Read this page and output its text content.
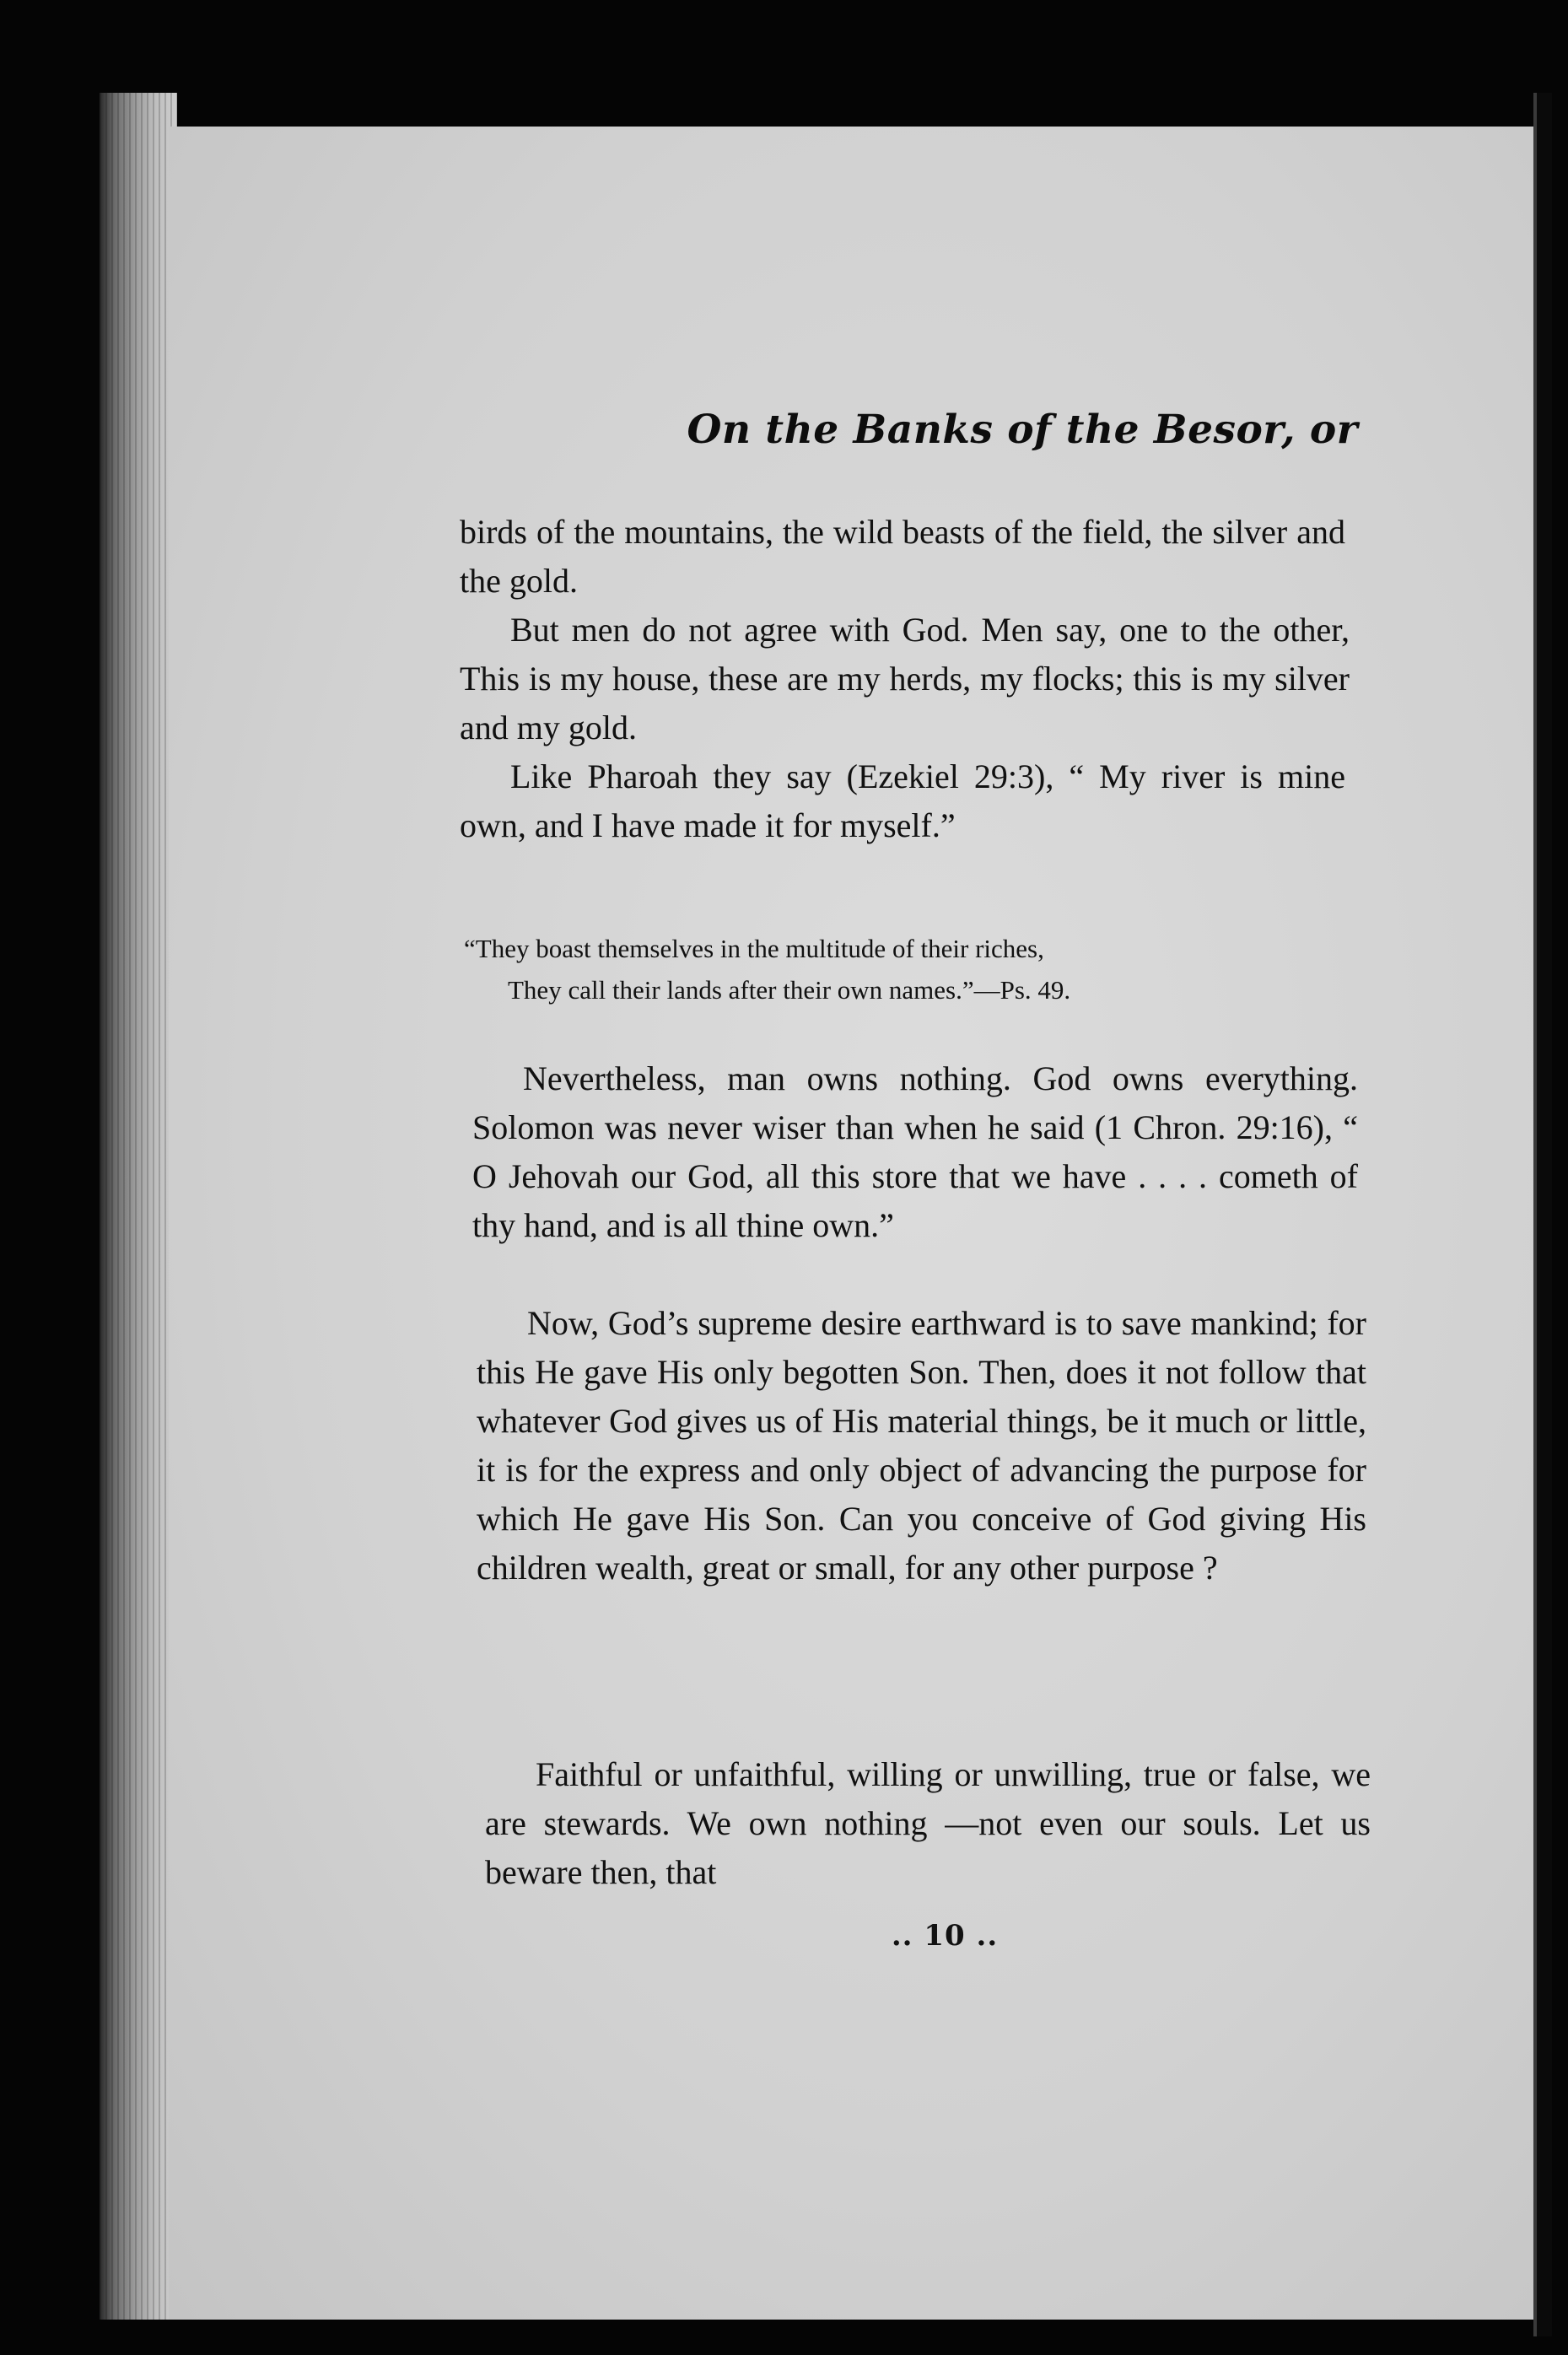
On the Banks of the Besor, or
birds of the mountains, the wild beasts of the field, the silver and the gold.
But men do not agree with God. Men say, one to the other, This is my house, these are my herds, my flocks; this is my silver and my gold.
Like Pharoah they say (Ezekiel 29:3), “ My river is mine own, and I have made it for myself.”
“They boast themselves in the multitude of their riches,
They call their lands after their own names.”—Ps. 49.
Nevertheless, man owns nothing. God owns everything. Solomon was never wiser than when he said (1 Chron. 29:16), “ O Jehovah our God, all this store that we have . . . . cometh of thy hand, and is all thine own.”
Now, God’s supreme desire earthward is to save mankind; for this He gave His only begotten Son. Then, does it not follow that whatever God gives us of His material things, be it much or little, it is for the express and only object of advancing the purpose for which He gave His Son. Can you conceive of God giving His children wealth, great or small, for any other purpose ?
Faithful or unfaithful, willing or unwilling, true or false, we are stewards. We own nothing —not even our souls. Let us beware then, that
.. 10 ..
